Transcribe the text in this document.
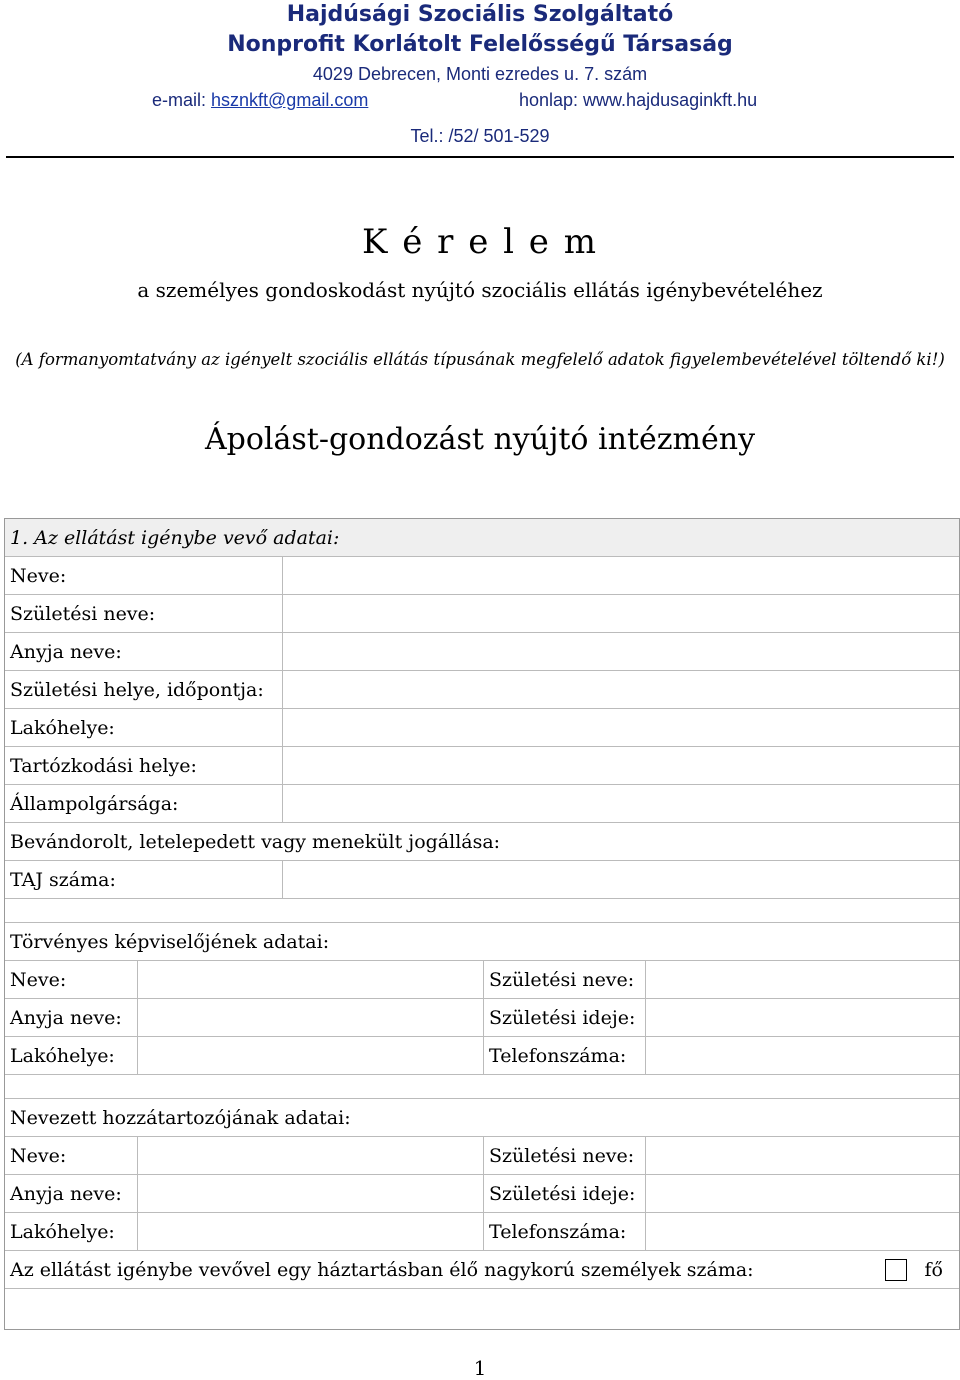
Hajdúsági Szociális Szolgáltató
Nonprofit Korlátolt Felelősségű Társaság
4029 Debrecen, Monti ezredes u. 7. szám
e-mail: hsznkft@gmail.com	honlap: www.hajdusaginkft.hu
Tel.: /52/ 501-529
K é r e l e m
a személyes gondoskodást nyújtó szociális ellátás igénybevételéhez
(A formanyomtatvány az igényelt szociális ellátás típusának megfelelő adatok figyelembevételével töltendő ki!)
Ápolást-gondozást nyújtó intézmény
1. Az ellátást igénybe vevő adatai:
Neve:
Születési neve:
Anyja neve:
Születési helye, időpontja:
Lakóhelye:
Tartózkodási helye:
Állampolgársága:
Bevándorolt, letelepedett vagy menekült jogállása:
TAJ száma:
Törvényes képviselőjének adatai:
Neve:	Születési neve:
Anyja neve:	Születési ideje:
Lakóhelye:	Telefonszáma:
Nevezett hozzátartozójának adatai:
Neve:	Születési neve:
Anyja neve:	Születési ideje:
Lakóhelye:	Telefonszáma:
Az ellátást igénybe vevővel egy háztartásban élő nagykorú személyek száma:	fő
1
